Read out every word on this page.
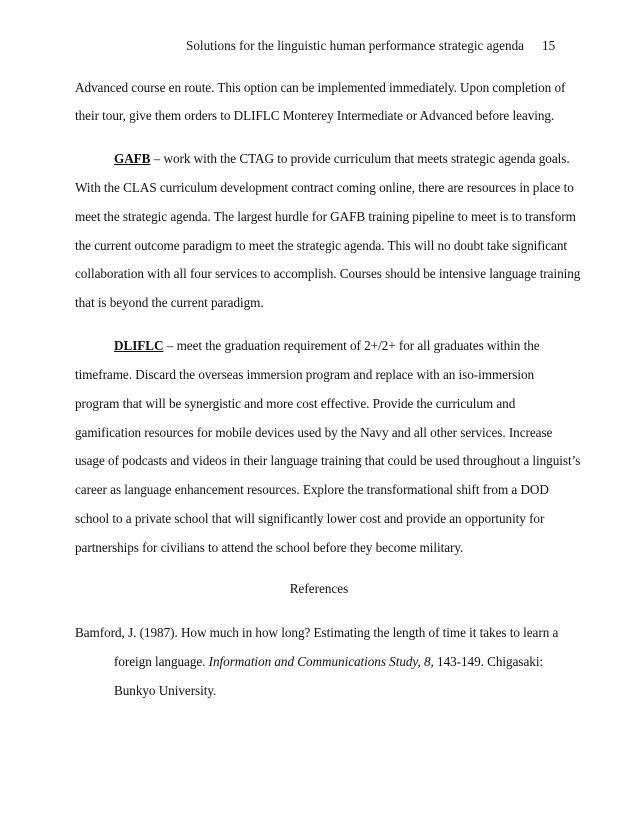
Solutions for the linguistic human performance strategic agenda 15
Advanced course en route. This option can be implemented immediately. Upon completion of
their tour, give them orders to DLIFLC Monterey Intermediate or Advanced before leaving.
GAFB – work with the CTAG to provide curriculum that meets strategic agenda goals.
With the CLAS curriculum development contract coming online, there are resources in place to
meet the strategic agenda. The largest hurdle for GAFB training pipeline to meet is to transform
the current outcome paradigm to meet the strategic agenda. This will no doubt take significant
collaboration with all four services to accomplish. Courses should be intensive language training
that is beyond the current paradigm.
DLIFLC – meet the graduation requirement of 2+/2+ for all graduates within the
timeframe. Discard the overseas immersion program and replace with an iso-immersion
program that will be synergistic and more cost effective. Provide the curriculum and
gamification resources for mobile devices used by the Navy and all other services. Increase
usage of podcasts and videos in their language training that could be used throughout a linguist’s
career as language enhancement resources. Explore the transformational shift from a DOD
school to a private school that will significantly lower cost and provide an opportunity for
partnerships for civilians to attend the school before they become military.
References
Bamford, J. (1987). How much in how long? Estimating the length of time it takes to learn a
foreign language. Information and Communications Study, 8, 143-149. Chigasaki:
Bunkyo University.
